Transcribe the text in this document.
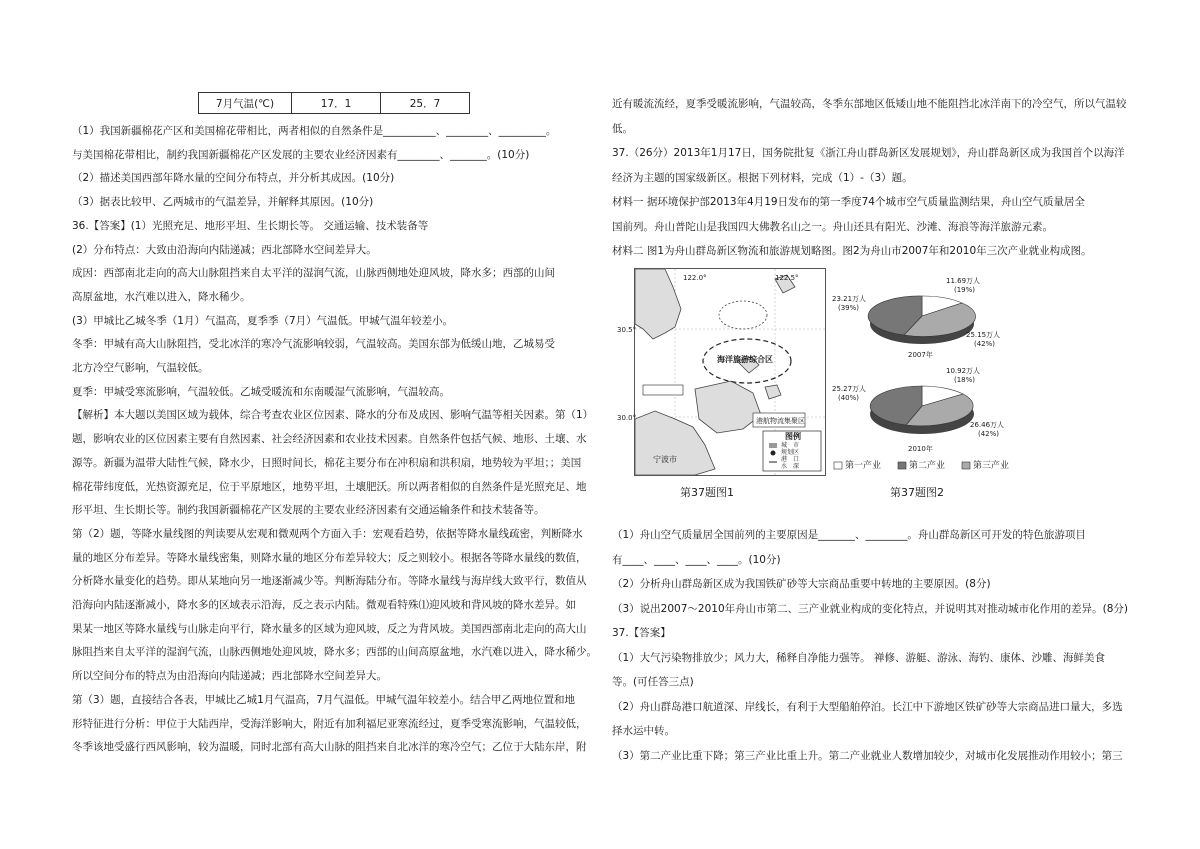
7月气温(℃)	17．1	25．7
（1）我国新疆棉花产区和美国棉花带相比，两者相似的自然条件是__________、________、_________。
与美国棉花带相比，制约我国新疆棉花产区发展的主要农业经济因素有________、_______。(10分)
（2）描述美国西部年降水量的空间分布特点，并分析其成因。(10分)
（3）据表比较甲、乙两城市的气温差异，并解释其原因。(10分)
36.【答案】(1）光照充足、地形平坦、生长期长等。 交通运输、技术装备等
(2）分布特点：大致由沿海向内陆递减；西北部降水空间差异大。
成因：西部南北走向的高大山脉阻挡来自太平洋的湿润气流，山脉西侧地处迎风坡，降水多；西部的山间
高原盆地，水汽难以进入，降水稀少。
(3）甲城比乙城冬季（1月）气温高，夏季季（7月）气温低。甲城气温年较差小。
冬季：甲城有高大山脉阻挡，受北冰洋的寒冷气流影响较弱，气温较高。美国东部为低缓山地，乙城易受
北方冷空气影响，气温较低。
夏季：甲城受寒流影响，气温较低。乙城受暖流和东南暖湿气流影响，气温较高。
【解析】本大题以美国区域为载体，综合考查农业区位因素、降水的分布及成因、影响气温等相关因素。第（1）
题，影响农业的区位因素主要有自然因素、社会经济因素和农业技术因素。自然条件包括气候、地形、土壤、水
源等。新疆为温带大陆性气候，降水少，日照时间长，棉花主要分布在冲积扇和洪积扇，地势较为平坦；；美国
棉花带纬度低，光热资源充足，位于平原地区，地势平坦，土壤肥沃。所以两者相似的自然条件是光照充足、地
形平坦、生长期长等。制约我国新疆棉花产区发展的主要农业经济因素有交通运输条件和技术装备等。
第（2）题，等降水量线图的判读要从宏观和微观两个方面入手：宏观看趋势，依据等降水量线疏密，判断降水
量的地区分布差异。等降水量线密集，则降水量的地区分布差异较大；反之则较小。根据各等降水量线的数值，
分析降水量变化的趋势。即从某地向另一地逐渐减少等。判断海陆分布。等降水量线与海岸线大致平行，数值从
沿海向内陆逐渐减小，降水多的区域表示沿海，反之表示内陆。微观看特殊⑴迎风坡和背风坡的降水差异。如
果某一地区等降水量线与山脉走向平行，降水量多的区域为迎风坡，反之为背风坡。美国西部南北走向的高大山
脉阻挡来自太平洋的湿润气流，山脉西侧地处迎风坡，降水多；西部的山间高原盆地，水汽难以进入，降水稀少。
所以空间分布的特点为由沿海向内陆递减；西北部降水空间差异大。
第（3）题，直接结合各表，甲城比乙城1月气温高，7月气温低。甲城气温年较差小。结合甲乙两地位置和地
形特征进行分析：甲位于大陆西岸，受海洋影响大，附近有加利福尼亚寒流经过，夏季受寒流影响，气温较低，
冬季该地受盛行西风影响，较为温暖，同时北部有高大山脉的阻挡来自北冰洋的寒冷空气；乙位于大陆东岸，附
近有暖流流经，夏季受暖流影响，气温较高，冬季东部地区低矮山地不能阻挡北冰洋南下的冷空气，所以气温较
低。
37.（26分）2013年1月17日，国务院批复《浙江舟山群岛新区发展规划》，舟山群岛新区成为我国首个以海洋
经济为主题的国家级新区。根据下列材料，完成（1）-（3）题。
材料一 据环境保护部2013年4月19日发布的第一季度74个城市空气质量监测结果，舟山空气质量居全
国前列。舟山普陀山是我国四大佛教名山之一。舟山还具有阳光、沙滩、海浪等海洋旅游元素。
材料二 图1为舟山群岛新区物流和旅游规划略图。图2为舟山市2007年和2010年三次产业就业构成图。
122.0°	122.5°
30.5°
30.0°
海洋旅游综合区
港航物流集聚区
宁波市
图例
城　市
规划区
港　口
水　深
第37题图1
11.69万人
(19%)
23.21万人
(39%)
25.15万人
(42%)
2007年
10.92万人
(18%)
25.27万人
(40%)
26.46万人
(42%)
2010年
第一产业	第二产业	第三产业
第37题图2
（1）舟山空气质量居全国前列的主要原因是_______、________。舟山群岛新区可开发的特色旅游项目
有____、____、____、____。(10分)
（2）分析舟山群岛新区成为我国铁矿砂等大宗商品重要中转地的主要原因。(8分)
（3）说出2007～2010年舟山市第二、三产业就业构成的变化特点，并说明其对推动城市化作用的差异。(8分)
37.【答案】
（1）大气污染物排放少；风力大，稀释自净能力强等。 禅修、游艇、游泳、海钓、康体、沙雕、海鲜美食
等。(可任答三点)
（2）舟山群岛港口航道深、岸线长，有利于大型船舶停泊。长江中下游地区铁矿砂等大宗商品进口量大，多选
择水运中转。
（3）第二产业比重下降；第三产业比重上升。第二产业就业人数增加较少，对城市化发展推动作用较小；第三
